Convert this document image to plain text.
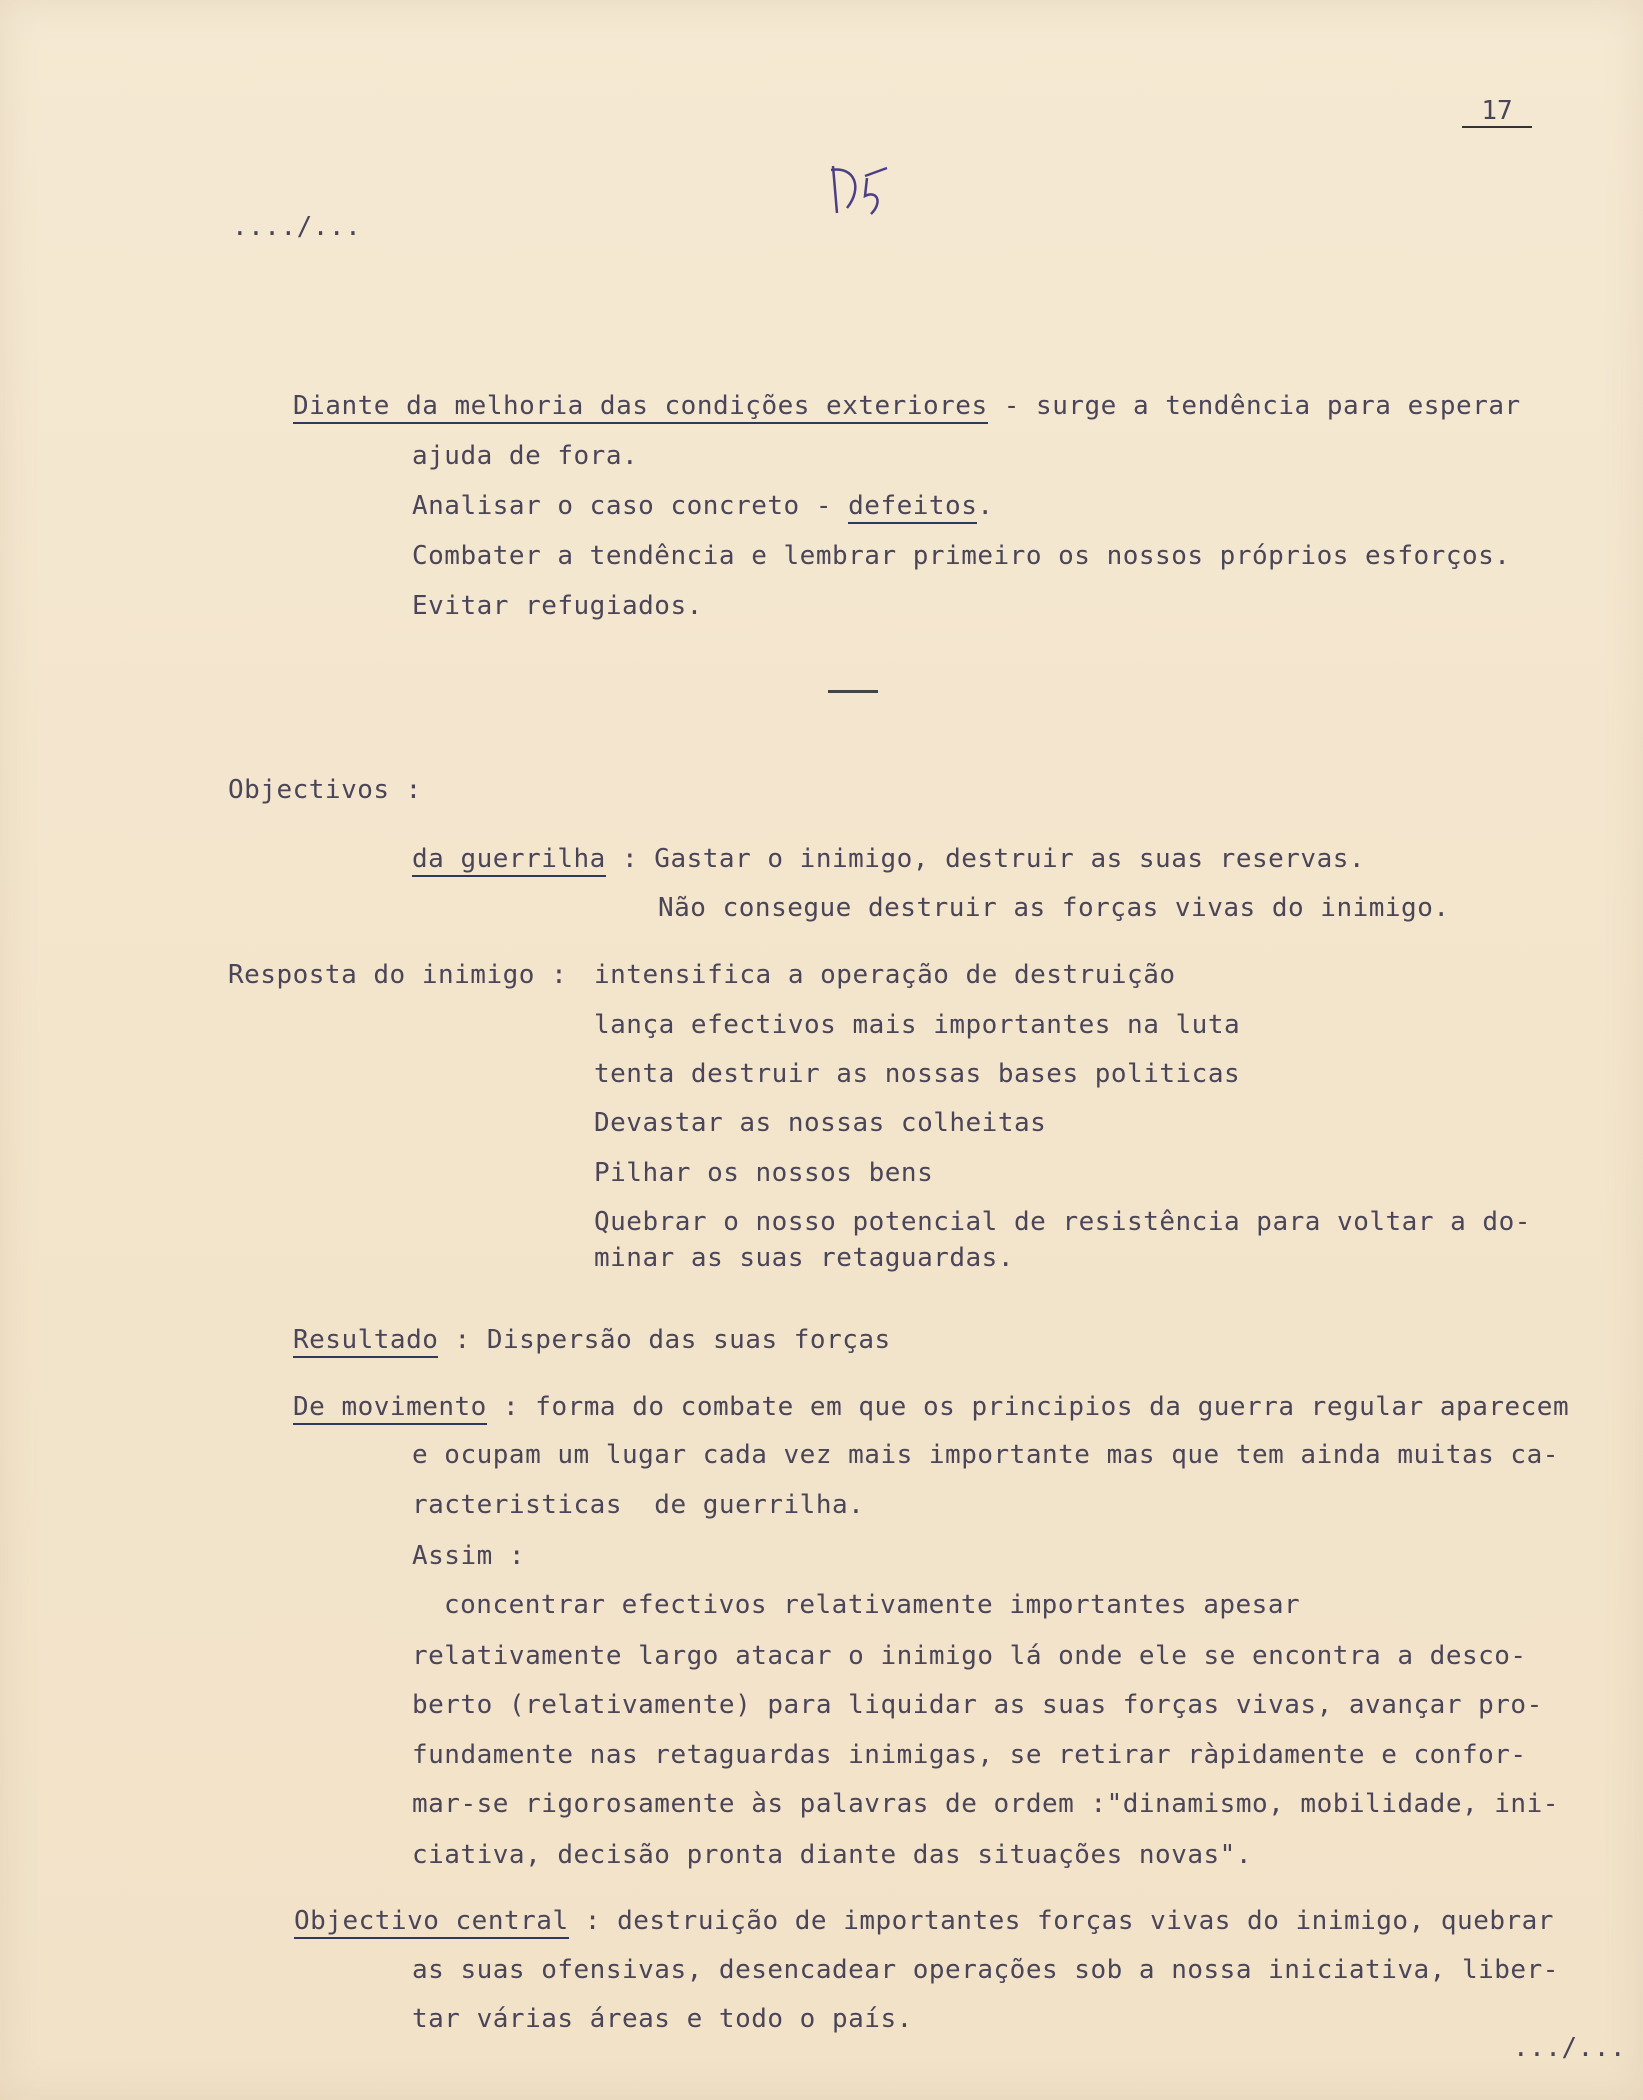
17
..../...
Diante da melhoria das condições exteriores - surge a tendência para esperar
ajuda de fora.
Analisar o caso concreto - defeitos.
Combater a tendência e lembrar primeiro os nossos próprios esforços.
Evitar refugiados.
Objectivos :
da guerrilha : Gastar o inimigo, destruir as suas reservas.
Não consegue destruir as forças vivas do inimigo.
Resposta do inimigo : intensifica a operação de destruição
lança efectivos mais importantes na luta
tenta destruir as nossas bases politicas
Devastar as nossas colheitas
Pilhar os nossos bens
Quebrar o nosso potencial de resistência para voltar a do-
minar as suas retaguardas.
Resultado : Dispersão das suas forças
De movimento : forma do combate em que os principios da guerra regular aparecem
e ocupam um lugar cada vez mais importante mas que tem ainda muitas ca-
racteristicas  de guerrilha.
Assim :
concentrar efectivos relativamente importantes apesar
relativamente largo atacar o inimigo lá onde ele se encontra a desco-
berto (relativamente) para liquidar as suas forças vivas, avançar pro-
fundamente nas retaguardas inimigas, se retirar ràpidamente e confor-
mar-se rigorosamente às palavras de ordem :"dinamismo, mobilidade, ini-
ciativa, decisão pronta diante das situações novas".
Objectivo central : destruição de importantes forças vivas do inimigo, quebrar
as suas ofensivas, desencadear operações sob a nossa iniciativa, liber-
tar várias áreas e todo o país.
.../...
